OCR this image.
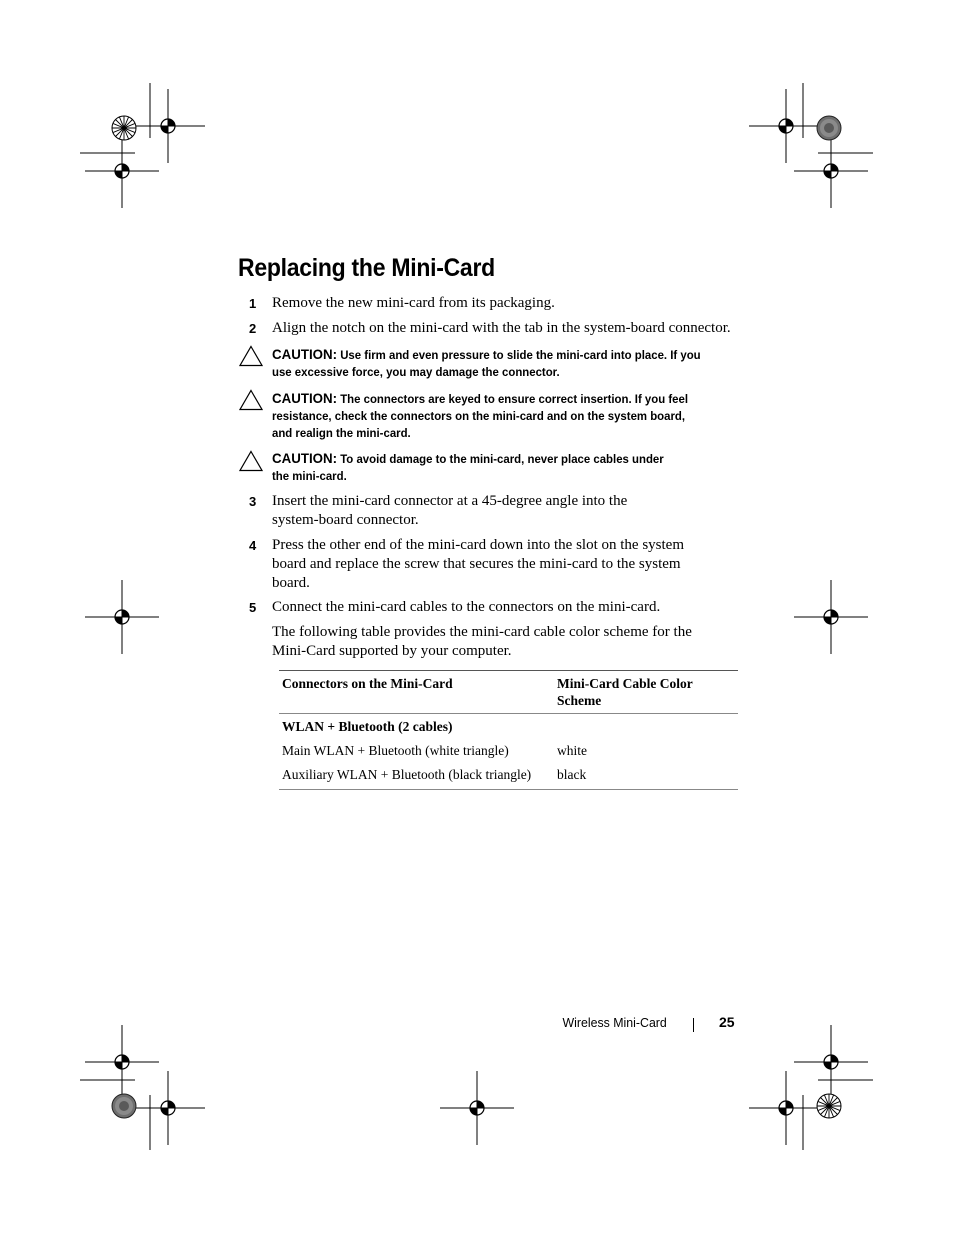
Replacing the Mini-Card
1	Remove the new mini-card from its packaging.
2	Align the notch on the mini-card with the tab in the system-board connector.
CAUTION: Use firm and even pressure to slide the mini-card into place. If you use excessive force, you may damage the connector.
CAUTION: The connectors are keyed to ensure correct insertion. If you feel resistance, check the connectors on the mini-card and on the system board, and realign the mini-card.
CAUTION: To avoid damage to the mini-card, never place cables under the mini-card.
3	Insert the mini-card connector at a 45-degree angle into the system-board connector.
4	Press the other end of the mini-card down into the slot on the system board and replace the screw that secures the mini-card to the system board.
5	Connect the mini-card cables to the connectors on the mini-card.
The following table provides the mini-card cable color scheme for the Mini-Card supported by your computer.
Connectors on the Mini-Card	Mini-Card Cable Color Scheme
WLAN + Bluetooth (2 cables)	
Main WLAN + Bluetooth (white triangle)	white
Auxiliary WLAN + Bluetooth (black triangle)	black
Wireless Mini-Card	25
